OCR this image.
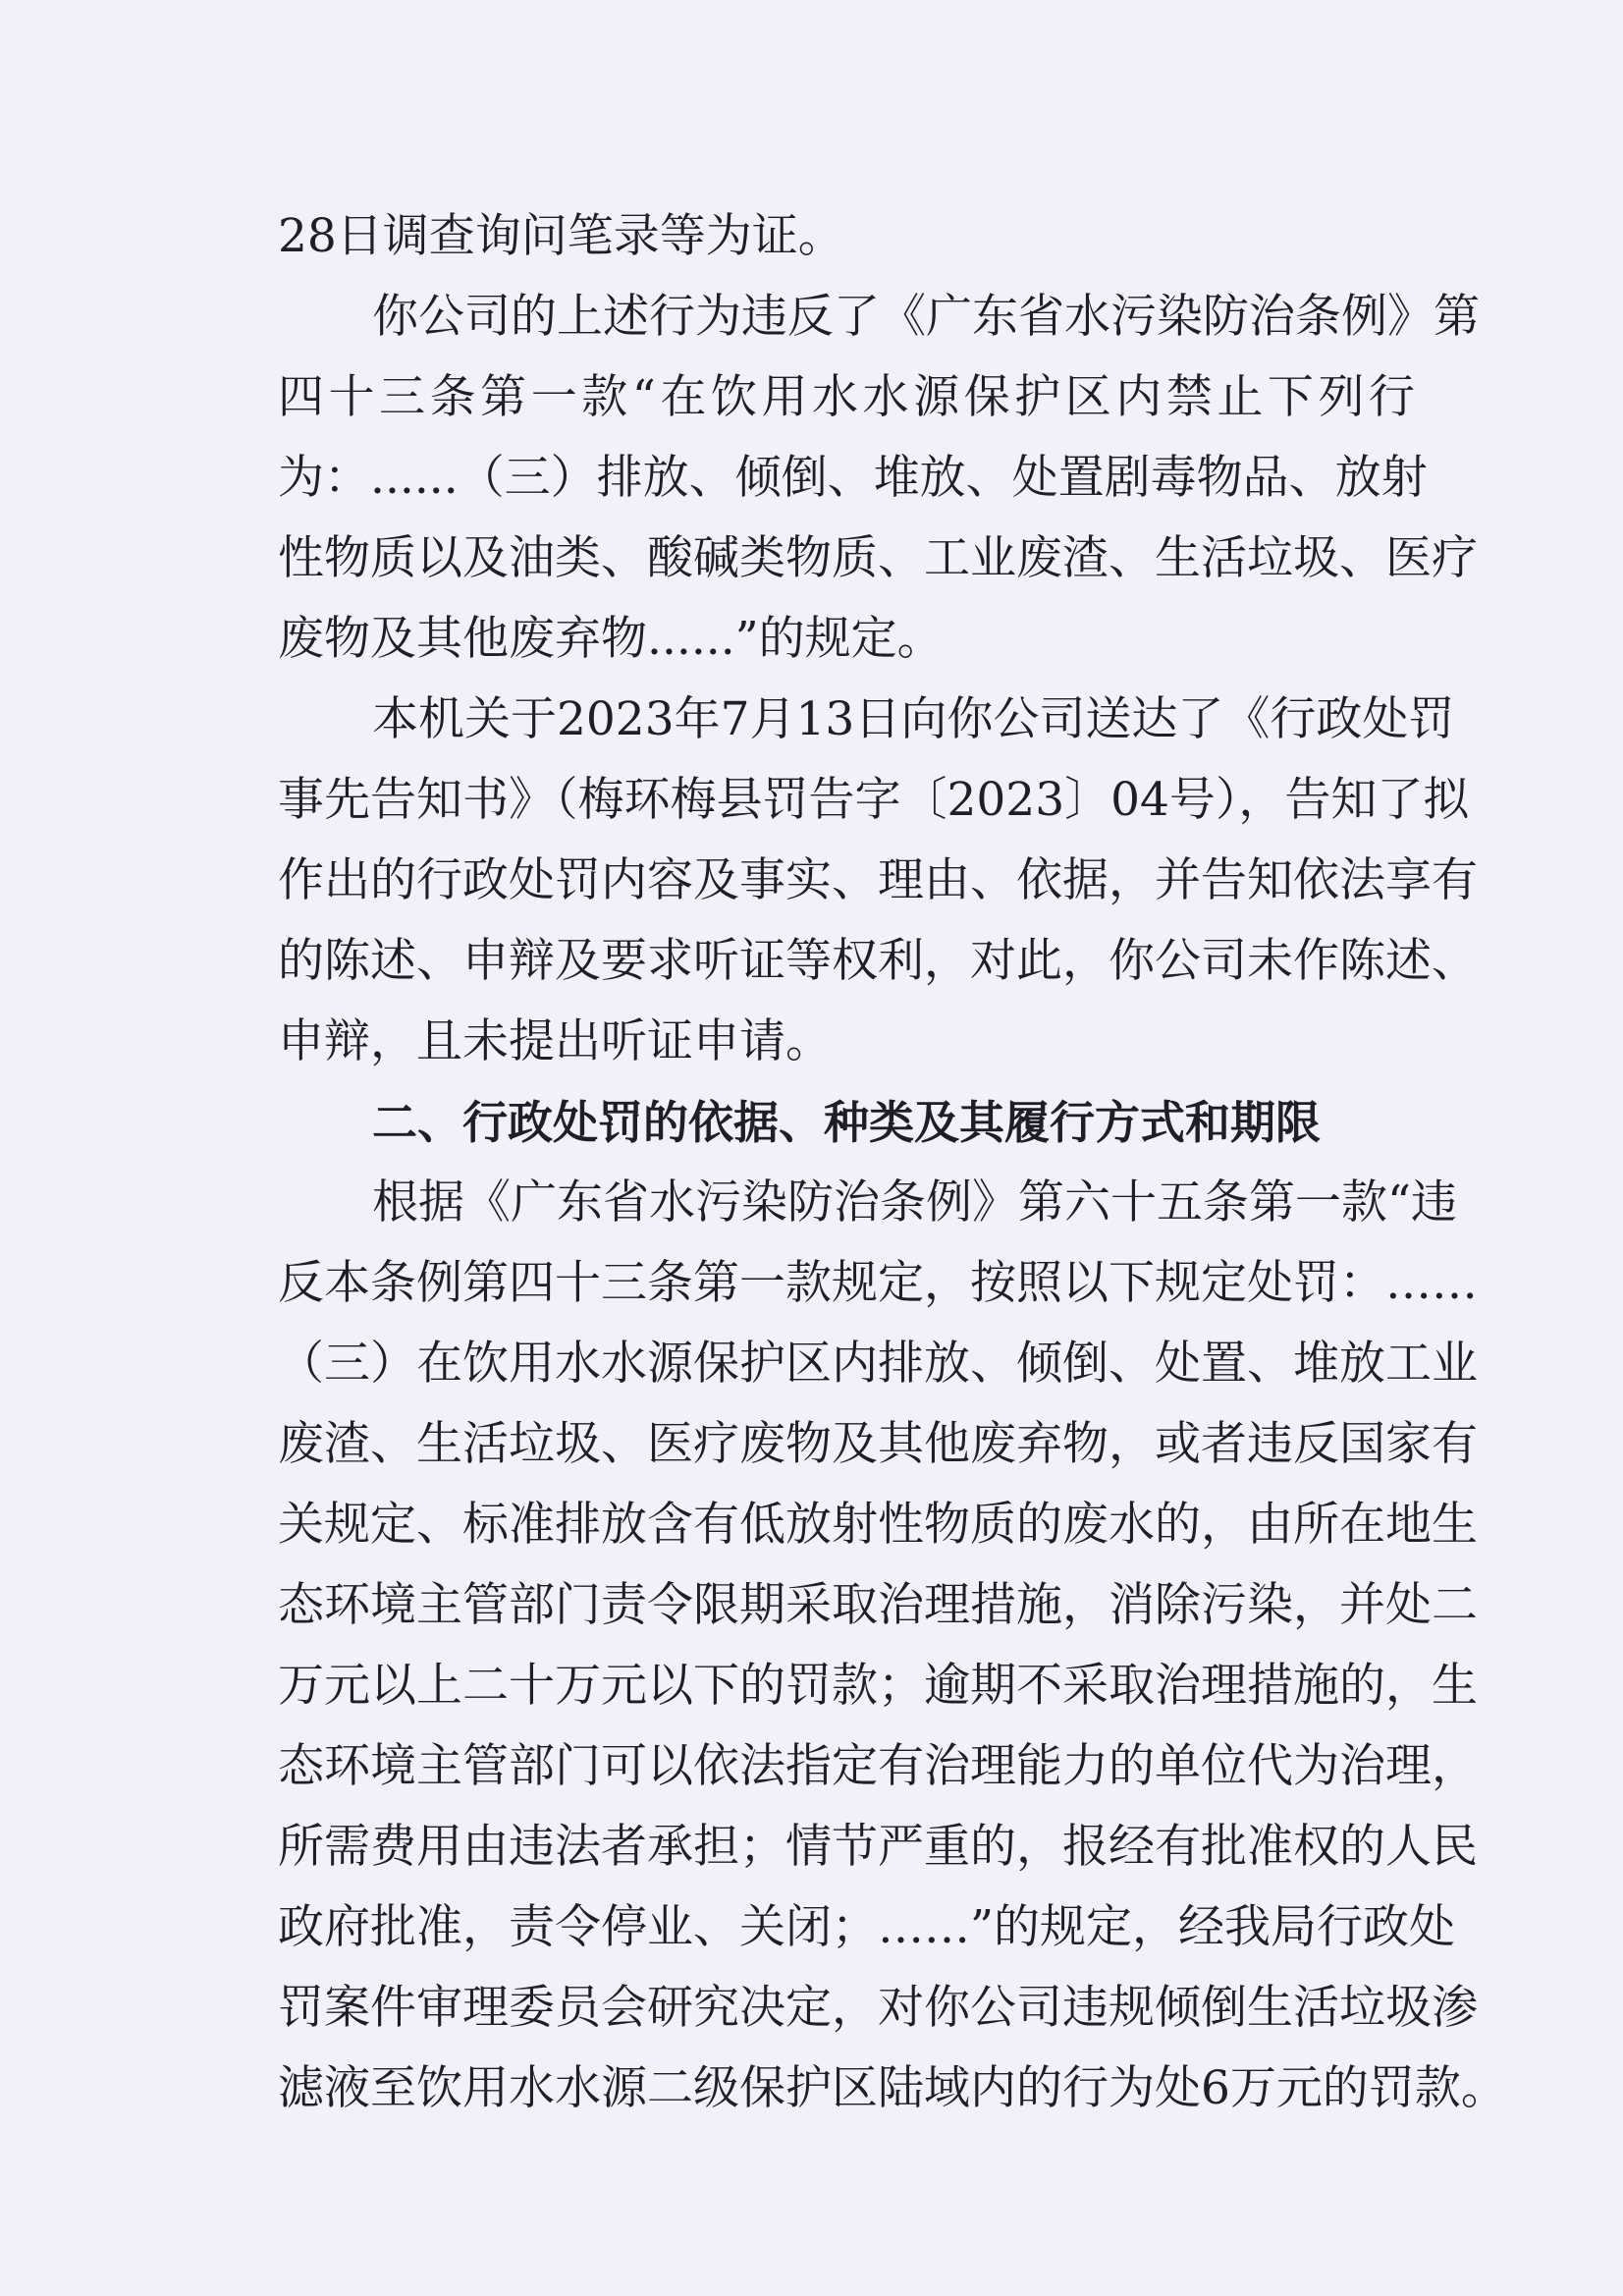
28日调查询问笔录等为证。
你公司的上述行为违反了《广东省水污染防治条例》第
四十三条第一款“在饮用水水源保护区内禁止下列行
为：......（三）排放、倾倒、堆放、处置剧毒物品、放射
性物质以及油类、酸碱类物质、工业废渣、生活垃圾、医疗
废物及其他废弃物......”的规定。
本机关于2023年7月13日向你公司送达了《行政处罚
事先告知书》（梅环梅县罚告字〔2023〕04号），告知了拟
作出的行政处罚内容及事实、理由、依据，并告知依法享有
的陈述、申辩及要求听证等权利，对此，你公司未作陈述、
申辩，且未提出听证申请。
二、行政处罚的依据、种类及其履行方式和期限
根据《广东省水污染防治条例》第六十五条第一款“违
反本条例第四十三条第一款规定，按照以下规定处罚：……
（三）在饮用水水源保护区内排放、倾倒、处置、堆放工业
废渣、生活垃圾、医疗废物及其他废弃物，或者违反国家有
关规定、标准排放含有低放射性物质的废水的，由所在地生
态环境主管部门责令限期采取治理措施，消除污染，并处二
万元以上二十万元以下的罚款；逾期不采取治理措施的，生
态环境主管部门可以依法指定有治理能力的单位代为治理，
所需费用由违法者承担；情节严重的，报经有批准权的人民
政府批准，责令停业、关闭；……”的规定，经我局行政处
罚案件审理委员会研究决定，对你公司违规倾倒生活垃圾渗
滤液至饮用水水源二级保护区陆域内的行为处6万元的罚款。
